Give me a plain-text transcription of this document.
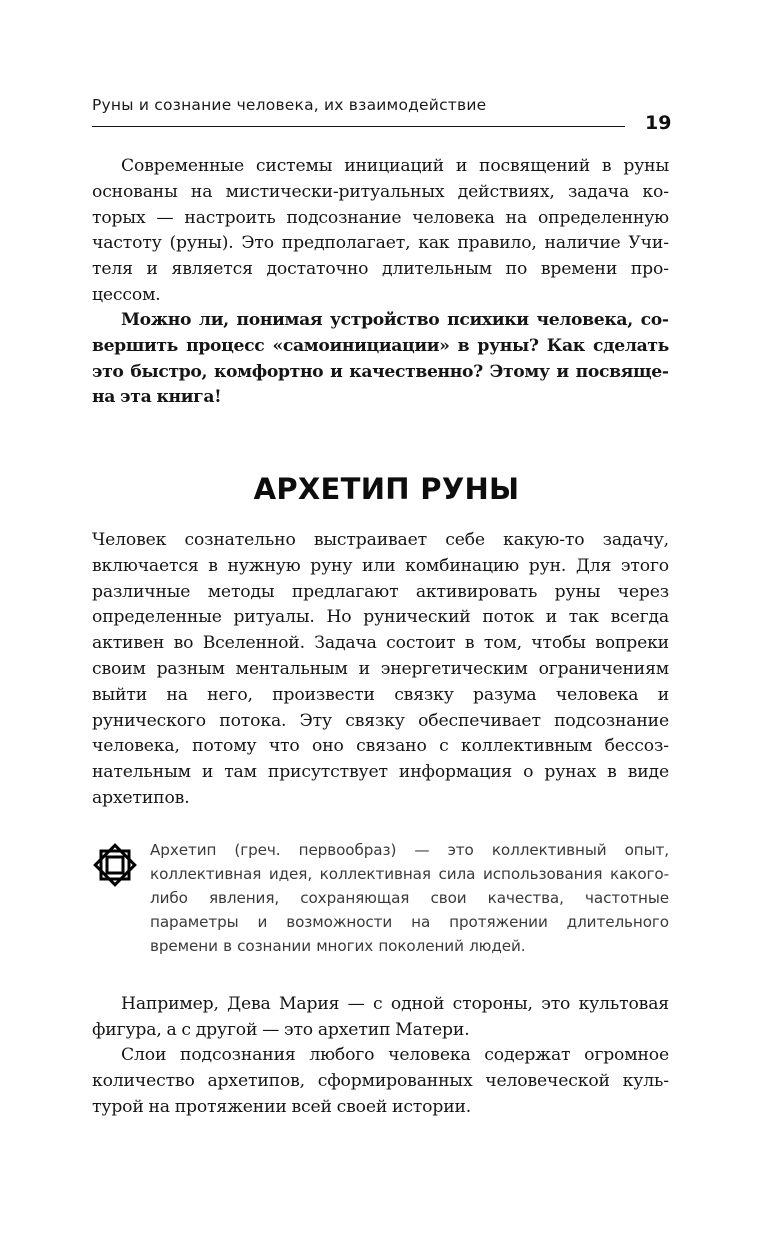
Руны и сознание человека, их взаимодействие
19

Современные системы инициаций и посвящений в руны основаны на мистически-ритуальных действиях, задача которых — настроить подсознание человека на определенную частоту (руны). Это предполагает, как правило, наличие Учителя и является достаточно длительным по времени процессом.

Можно ли, понимая устройство психики человека, совершить процесс «самоинициации» в руны? Как сделать это быстро, комфортно и качественно? Этому и посвящена эта книга!

АРХЕТИП РУНЫ

Человек сознательно выстраивает себе какую-то задачу, включается в нужную руну или комбинацию рун. Для этого различные методы предлагают активировать руны через определенные ритуалы. Но рунический поток и так всегда активен во Вселенной. Задача состоит в том, чтобы вопреки своим разным ментальным и энергетическим ограничениям выйти на него, произвести связку разума человека и рунического потока. Эту связку обеспечивает подсознание человека, потому что оно связано с коллективным бессознательным и там присутствует информация о рунах в виде архетипов.

Архетип (греч. первообраз) — это коллективный опыт, коллективная идея, коллективная сила использования какого-либо явления, сохраняющая свои качества, частотные параметры и возможности на протяжении длительного времени в сознании многих поколений людей.

Например, Дева Мария — с одной стороны, это культовая фигура, а с другой — это архетип Матери.

Слои подсознания любого человека содержат огромное количество архетипов, сформированных человеческой культурой на протяжении всей своей истории.
